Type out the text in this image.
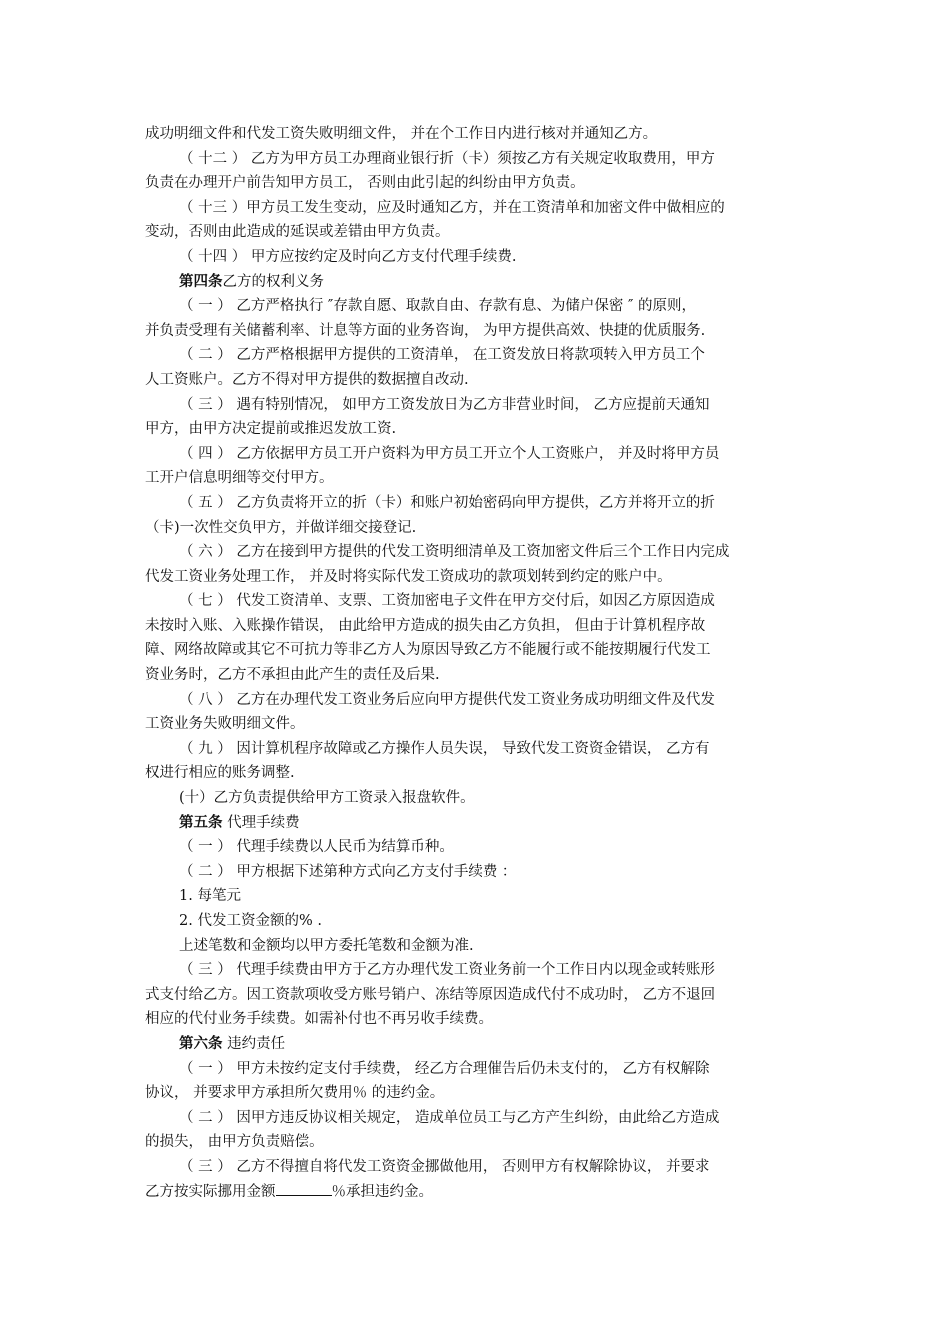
成功明细文件和代发工资失败明细文件， 并在个工作日内进行核对并通知乙方。
（ 十二 ） 乙方为甲方员工办理商业银行折（卡）须按乙方有关规定收取费用，甲方
负责在办理开户前告知甲方员工， 否则由此引起的纠纷由甲方负责。
（ 十三 ）甲方员工发生变动，应及时通知乙方，并在工资清单和加密文件中做相应的
变动，否则由此造成的延误或差错由甲方负责。
（ 十四 ） 甲方应按约定及时向乙方支付代理手续费.
第四条乙方的权利义务
（ 一 ） 乙方严格执行 ″存款自愿、取款自由、存款有息、为储户保密 ″ 的原则，
并负责受理有关储蓄利率、计息等方面的业务咨询， 为甲方提供高效、快捷的优质服务.
（ 二 ） 乙方严格根据甲方提供的工资清单， 在工资发放日将款项转入甲方员工个
人工资账户。乙方不得对甲方提供的数据擅自改动.
（ 三 ） 遇有特别情况， 如甲方工资发放日为乙方非营业时间， 乙方应提前天通知
甲方，由甲方决定提前或推迟发放工资.
（ 四 ） 乙方依据甲方员工开户资料为甲方员工开立个人工资账户， 并及时将甲方员
工开户信息明细等交付甲方。
（ 五 ） 乙方负责将开立的折（卡）和账户初始密码向甲方提供，乙方并将开立的折
（卡)一次性交负甲方，并做详细交接登记.
（ 六 ） 乙方在接到甲方提供的代发工资明细清单及工资加密文件后三个工作日内完成
代发工资业务处理工作， 并及时将实际代发工资成功的款项划转到约定的账户中。
（ 七 ） 代发工资清单、支票、工资加密电子文件在甲方交付后，如因乙方原因造成
未按时入账、入账操作错误， 由此给甲方造成的损失由乙方负担， 但由于计算机程序故
障、网络故障或其它不可抗力等非乙方人为原因导致乙方不能履行或不能按期履行代发工
资业务时，乙方不承担由此产生的责任及后果.
（ 八 ） 乙方在办理代发工资业务后应向甲方提供代发工资业务成功明细文件及代发
工资业务失败明细文件。
（ 九 ） 因计算机程序故障或乙方操作人员失误， 导致代发工资资金错误， 乙方有
权进行相应的账务调整.
(十）乙方负责提供给甲方工资录入报盘软件。
第五条 代理手续费
（ 一 ） 代理手续费以人民币为结算币种。
（ 二 ） 甲方根据下述第种方式向乙方支付手续费 ：
1. 每笔元
2. 代发工资金额的% .
上述笔数和金额均以甲方委托笔数和金额为准.
（ 三 ） 代理手续费由甲方于乙方办理代发工资业务前一个工作日内以现金或转账形
式支付给乙方。因工资款项收受方账号销户、冻结等原因造成代付不成功时， 乙方不退回
相应的代付业务手续费。如需补付也不再另收手续费。
第六条 违约责任
（ 一 ） 甲方未按约定支付手续费， 经乙方合理催告后仍未支付的， 乙方有权解除
协议， 并要求甲方承担所欠费用％ 的违约金。
（ 二 ） 因甲方违反协议相关规定， 造成单位员工与乙方产生纠纷，由此给乙方造成
的损失， 由甲方负责赔偿。
（ 三 ） 乙方不得擅自将代发工资资金挪做他用， 否则甲方有权解除协议， 并要求
乙方按实际挪用金额	％承担违约金。
